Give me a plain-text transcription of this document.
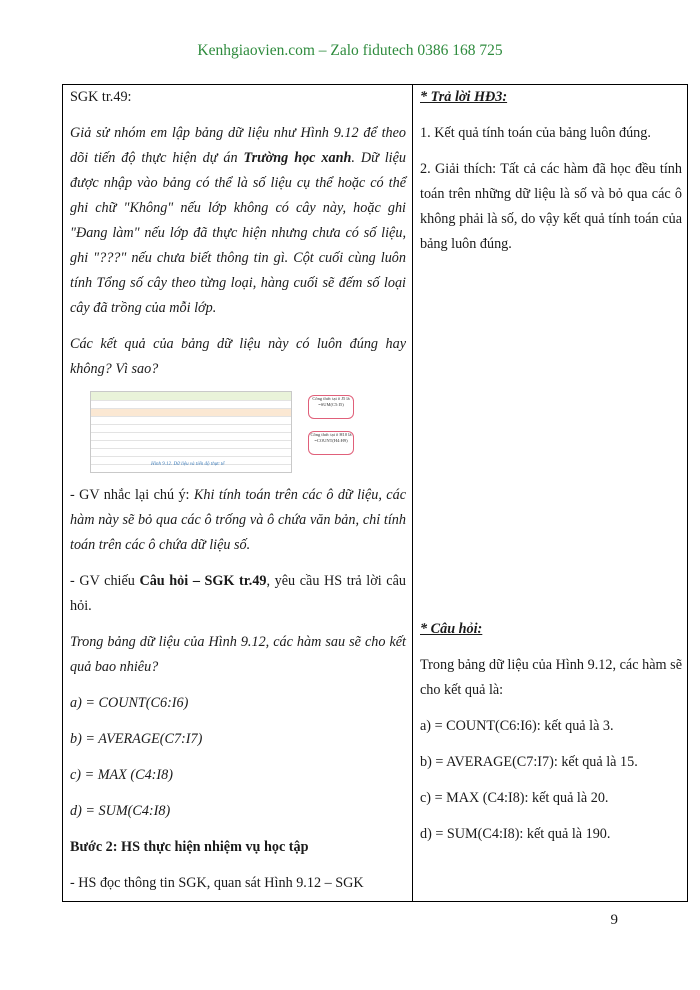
Kenhgiaovien.com – Zalo fidutech 0386 168 725

SGK tr.49:

Giả sử nhóm em lập bảng dữ liệu như Hình 9.12 để theo dõi tiến độ thực hiện dự án Trường học xanh. Dữ liệu được nhập vào bảng có thể là số liệu cụ thể hoặc có thể ghi chữ "Không" nếu lớp không có cây này, hoặc ghi "Đang làm" nếu lớp đã thực hiện nhưng chưa có số liệu, ghi "???" nếu chưa biết thông tin gì. Cột cuối cùng luôn tính Tổng số cây theo từng loại, hàng cuối sẽ đếm số loại cây đã trồng của mỗi lớp.

Các kết quả của bảng dữ liệu này có luôn đúng hay không? Vì sao?

Hình 9.12. Dữ liệu và tiến độ thực tế
Công thức tại ô J5 là =SUM(C5:I5)
Công thức tại ô H10 là =COUNT(H4:H9)

- GV nhắc lại chú ý: Khi tính toán trên các ô dữ liệu, các hàm này sẽ bỏ qua các ô trống và ô chứa văn bản, chỉ tính toán trên các ô chứa dữ liệu số.

- GV chiếu Câu hỏi – SGK tr.49, yêu cầu HS trả lời câu hỏi.

Trong bảng dữ liệu của Hình 9.12, các hàm sau sẽ cho kết quả bao nhiêu?

a) = COUNT(C6:I6)

b) = AVERAGE(C7:I7)

c) = MAX (C4:I8)

d) = SUM(C4:I8)

Bước 2: HS thực hiện nhiệm vụ học tập

- HS đọc thông tin SGK, quan sát Hình 9.12 – SGK

* Trả lời HĐ3:

1. Kết quả tính toán của bảng luôn đúng.

2. Giải thích: Tất cả các hàm đã học đều tính toán trên những dữ liệu là số và bỏ qua các ô không phải là số, do vậy kết quả tính toán của bảng luôn đúng.

* Câu hỏi:

Trong bảng dữ liệu của Hình 9.12, các hàm sẽ cho kết quả là:

a) = COUNT(C6:I6): kết quả là 3.

b) = AVERAGE(C7:I7): kết quả là 15.

c) = MAX (C4:I8): kết quả là 20.

d) = SUM(C4:I8): kết quả là 190.

9
